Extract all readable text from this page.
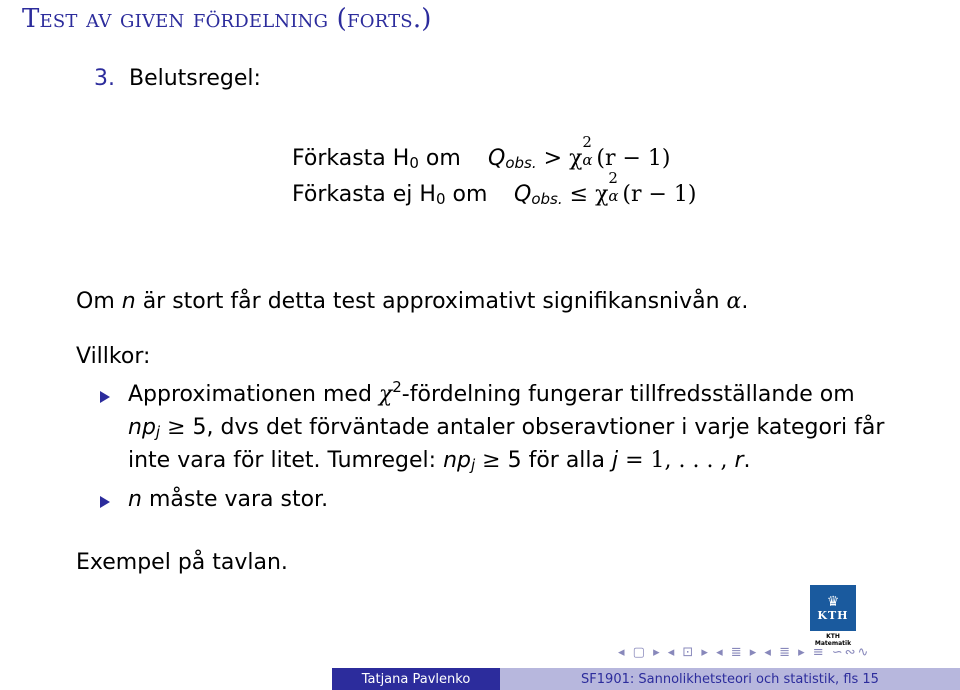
Test av given fördelning (forts.)
3. Belutsregel:
Förkasta $H_0$ om	$Q_{obs.} > \chi$
2
α (r − 1)
Förkasta ej $H_0$ om $Q_{obs.} \le \chi$
2
α (r − 1)
Om n är stort får detta test approximativt signifikansnivån α.
Villkor:
Approximationen med $\chi^2$-fördelning fungerar tillfredsställande om
$np_j \ge 5$, dvs det förväntade antaler obseravtioner i varje kategori får
inte vara för litet. Tumregel: $np_j \ge 5$ för alla j = 1, . . . , r.
n måste vara stor.
Exempel på tavlan.
♛
KTH
KTH Matematik
◂ ▢ ▸ ◂ ⊡ ▸ ◂ ≣ ▸ ◂ ≣ ▸ ≡ ∽∾∿
Tatjana Pavlenko	SF1901: Sannolikhetsteori och statistik, fls 15
